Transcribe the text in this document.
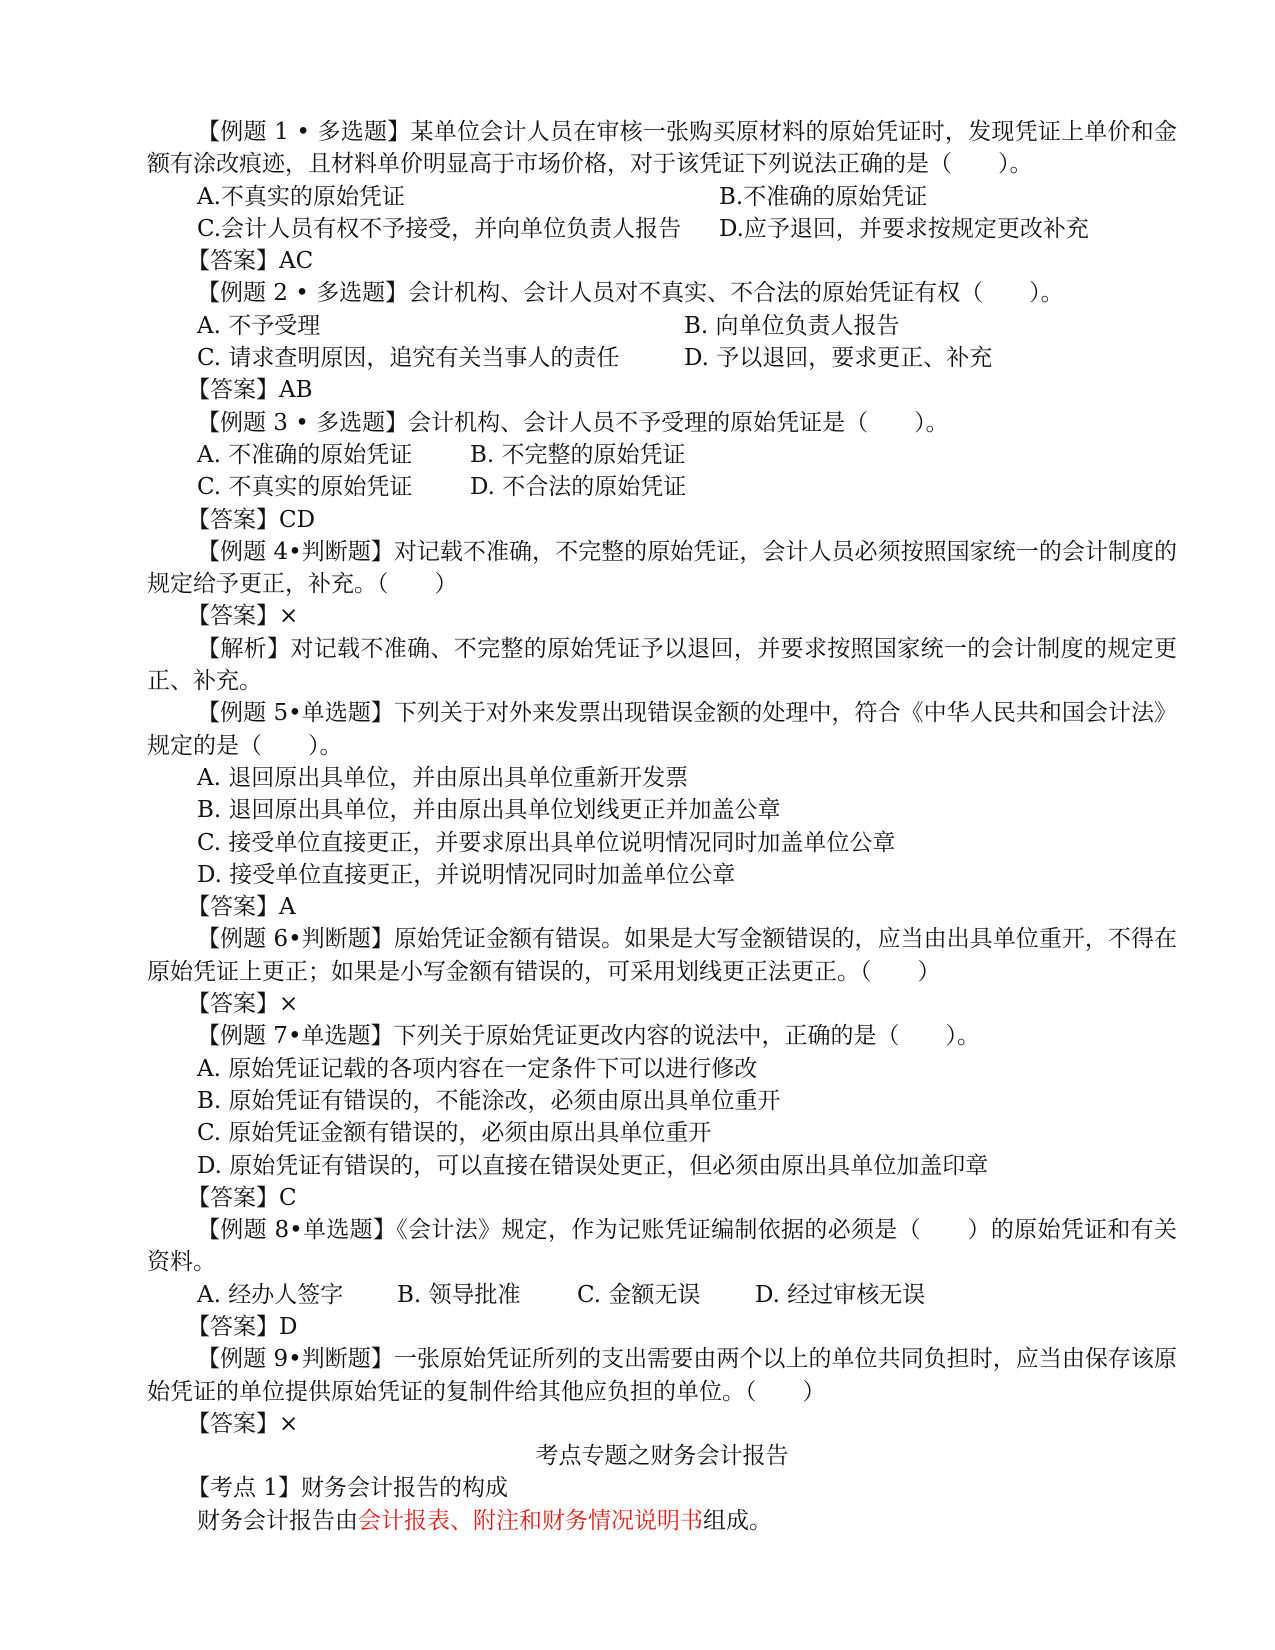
【例题 1 • 多选题】某单位会计人员在审核一张购买原材料的原始凭证时，发现凭证上单价和金额有涂改痕迹，且材料单价明显高于市场价格，对于该凭证下列说法正确的是（　　）。

A.不真实的原始凭证	B.不准确的原始凭证

C.会计人员有权不予接受，并向单位负责人报告 D.应予退回，并要求按规定更改补充

【答案】AC

【例题 2 • 多选题】会计机构、会计人员对不真实、不合法的原始凭证有权（　　）。

A. 不予受理	B. 向单位负责人报告

C. 请求查明原因，追究有关当事人的责任	D. 予以退回，要求更正、补充

【答案】AB

【例题 3 • 多选题】会计机构、会计人员不予受理的原始凭证是（　　）。

A. 不准确的原始凭证	B. 不完整的原始凭证

C. 不真实的原始凭证	D. 不合法的原始凭证

【答案】CD

【例题 4•判断题】对记载不准确，不完整的原始凭证，会计人员必须按照国家统一的会计制度的规定给予更正，补充。（　　）

【答案】×

【解析】对记载不准确、不完整的原始凭证予以退回，并要求按照国家统一的会计制度的规定更正、补充。

【例题 5•单选题】下列关于对外来发票出现错误金额的处理中，符合《中华人民共和国会计法》规定的是（　　）。

A. 退回原出具单位，并由原出具单位重新开发票

B. 退回原出具单位，并由原出具单位划线更正并加盖公章

C. 接受单位直接更正，并要求原出具单位说明情况同时加盖单位公章

D. 接受单位直接更正，并说明情况同时加盖单位公章

【答案】A

【例题 6•判断题】原始凭证金额有错误。如果是大写金额错误的，应当由出具单位重开，不得在原始凭证上更正；如果是小写金额有错误的，可采用划线更正法更正。（　　）

【答案】×

【例题 7•单选题】下列关于原始凭证更改内容的说法中，正确的是（　　）。

A. 原始凭证记载的各项内容在一定条件下可以进行修改

B. 原始凭证有错误的，不能涂改，必须由原出具单位重开

C. 原始凭证金额有错误的，必须由原出具单位重开

D. 原始凭证有错误的，可以直接在错误处更正，但必须由原出具单位加盖印章

【答案】C

【例题 8•单选题】《会计法》规定，作为记账凭证编制依据的必须是（　　）的原始凭证和有关资料。

A. 经办人签字 B. 领导批准 C. 金额无误 D. 经过审核无误

【答案】D

【例题 9•判断题】一张原始凭证所列的支出需要由两个以上的单位共同负担时，应当由保存该原始凭证的单位提供原始凭证的复制件给其他应负担的单位。（　　）

【答案】×

考点专题之财务会计报告

【考点 1】财务会计报告的构成

财务会计报告由会计报表、附注和财务情况说明书组成。
